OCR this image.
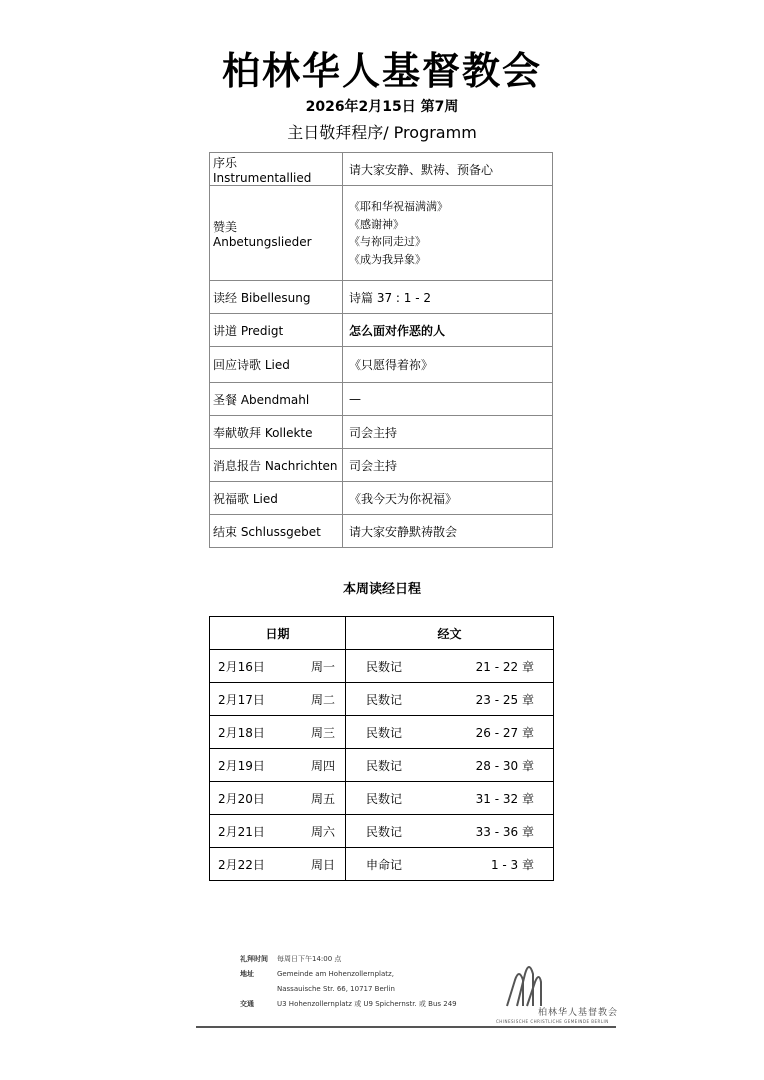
柏林华人基督教会
2026年2月15日 第7周
主日敬拜程序/ Programm
序乐 Instrumentallied	请大家安静、默祷、预备心
赞美 Anbetungslieder	《耶和华祝福满满》
《感谢神》
《与祢同走过》
《成为我异象》

读经 Bibellesung	诗篇 37 : 1 - 2
讲道 Predigt	怎么面对作恶的人
回应诗歌 Lied	《只愿得着祢》
圣餐 Abendmahl	—
奉献敬拜 Kollekte	司会主持
消息报告 Nachrichten	司会主持
祝福歌 Lied	《我今天为你祝福》
结束 Schlussgebet	请大家安静默祷散会
本周读经日程
日期	经文

2月16日 周一	民数记 21 - 22 章

2月17日 周二	民数记 23 - 25 章

2月18日 周三	民数记 26 - 27 章

2月19日 周四	民数记 28 - 30 章

2月20日 周五	民数记 31 - 32 章

2月21日 周六	民数记 33 - 36 章

2月22日 周日	申命记 1 - 3 章
礼拜时间	每周日下午14:00 点
地址	Gemeinde am Hohenzollernplatz,
Nassauische Str. 66, 10717 Berlin
交通	U3 Hohenzollernplatz 或 U9 Spichernstr. 或 Bus 249
柏林华人基督教会
CHINESISCHE CHRISTLICHE GEMEINDE BERLIN
